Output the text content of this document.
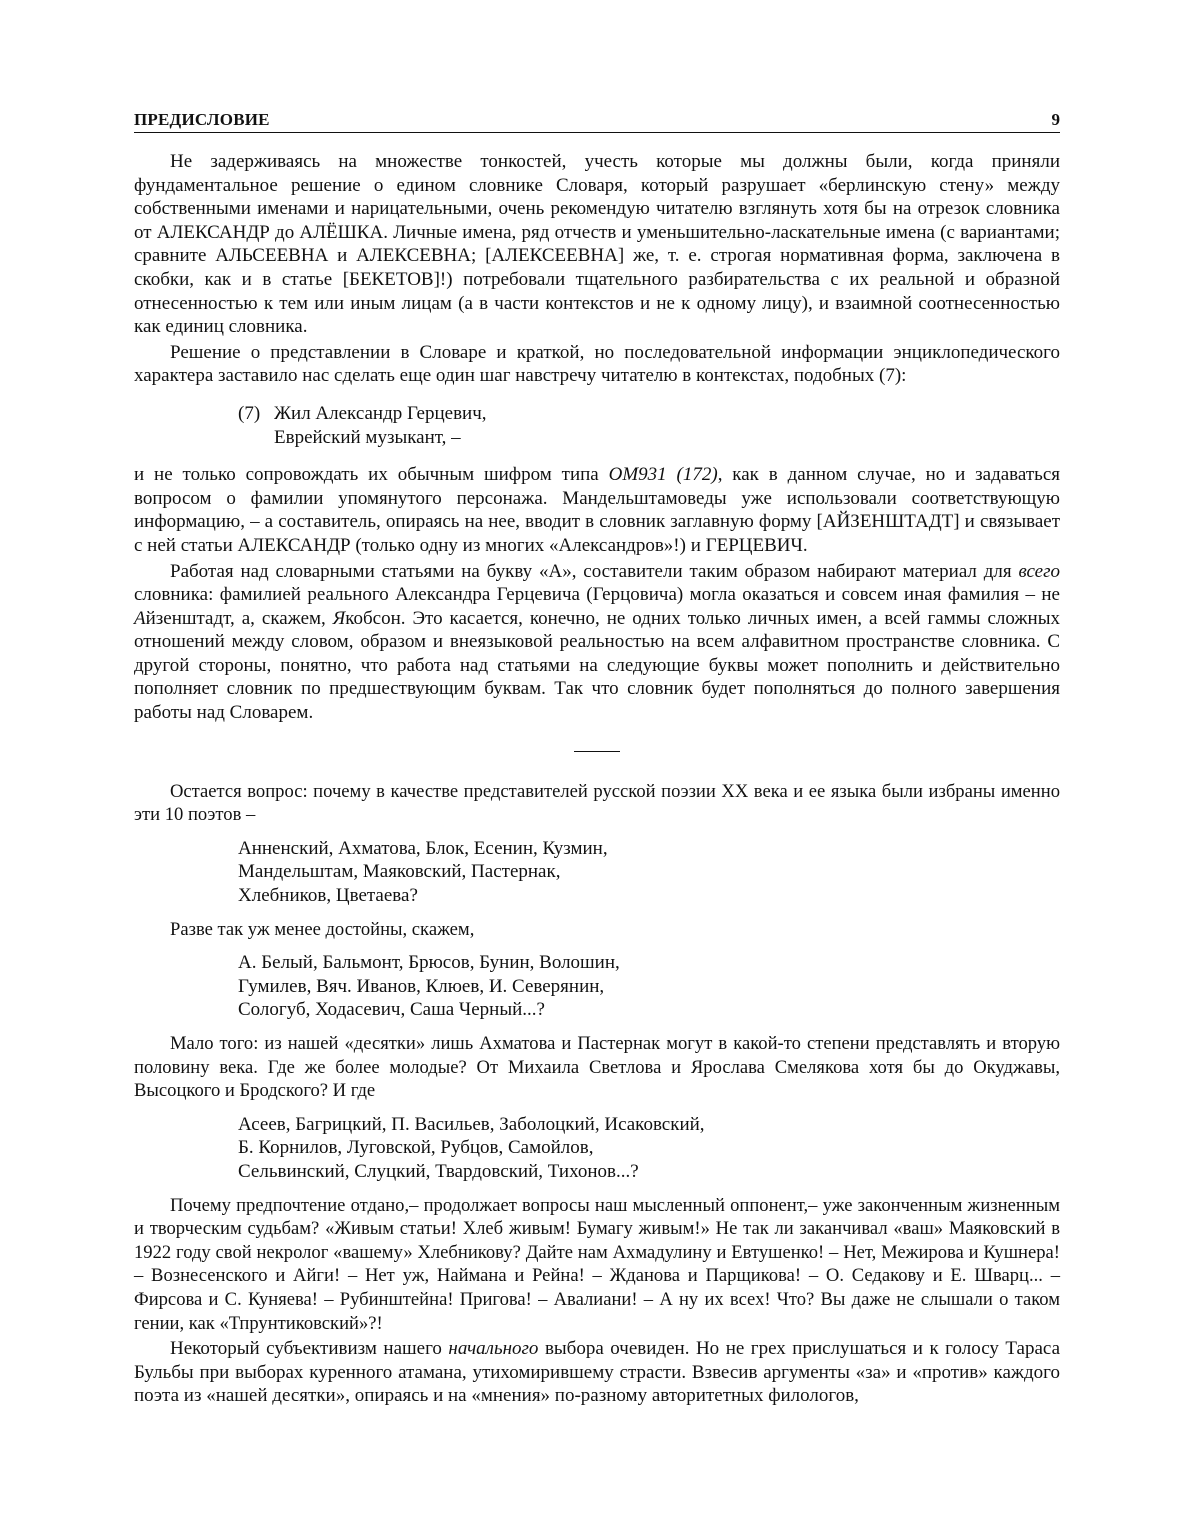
ПРЕДИСЛОВИЕ	9

Не задерживаясь на множестве тонкостей, учесть которые мы должны были, когда приняли фундаментальное решение о едином словнике Словаря, который разрушает «берлинскую стену» между собственными именами и нарицательными, очень рекомендую читателю взглянуть хотя бы на отрезок словника от АЛЕКСАНДР до АЛЁШКА. Личные имена, ряд отчеств и уменьшительно-ласкательные имена (с вариантами; сравните АЛЬСЕЕВНА и АЛЕКСЕВНА; [АЛЕКСЕЕВНА] же, т. е. строгая нормативная форма, заключена в скобки, как и в статье [БЕКЕТОВ]!) потребовали тщательного разбирательства с их реальной и образной отнесенностью к тем или иным лицам (а в части контекстов и не к одному лицу), и взаимной соотнесенностью как единиц словника.

Решение о представлении в Словаре и краткой, но последовательной информации энциклопедического характера заставило нас сделать еще один шаг навстречу читателю в контекстах, подобных (7):

(7) Жил Александр Герцевич,
Еврейский музыкант, –

и не только сопровождать их обычным шифром типа ОМ931 (172), как в данном случае, но и задаваться вопросом о фамилии упомянутого персонажа. Мандельштамоведы уже использовали соответствующую информацию, – а составитель, опираясь на нее, вводит в словник заглавную форму [АЙЗЕНШТАДТ] и связывает с ней статьи АЛЕКСАНДР (только одну из многих «Александров»!) и ГЕРЦЕВИЧ.

Работая над словарными статьями на букву «А», составители таким образом набирают материал для всего словника: фамилией реального Александра Герцевича (Герцовича) могла оказаться и совсем иная фамилия – не Айзенштадт, а, скажем, Якобсон. Это касается, конечно, не одних только личных имен, а всей гаммы сложных отношений между словом, образом и внеязыковой реальностью на всем алфавитном пространстве словника. С другой стороны, понятно, что работа над статьями на следующие буквы может пополнить и действительно пополняет словник по предшествующим буквам. Так что словник будет пополняться до полного завершения работы над Словарем.

Остается вопрос: почему в качестве представителей русской поэзии XX века и ее языка были избраны именно эти 10 поэтов –

Анненский, Ахматова, Блок, Есенин, Кузмин,
Мандельштам, Маяковский, Пастернак,
Хлебников, Цветаева?

Разве так уж менее достойны, скажем,

А. Белый, Бальмонт, Брюсов, Бунин, Волошин,
Гумилев, Вяч. Иванов, Клюев, И. Северянин,
Сологуб, Ходасевич, Саша Черный...?

Мало того: из нашей «десятки» лишь Ахматова и Пастернак могут в какой-то степени представлять и вторую половину века. Где же более молодые? От Михаила Светлова и Ярослава Смелякова хотя бы до Окуджавы, Высоцкого и Бродского? И где

Асеев, Багрицкий, П. Васильев, Заболоцкий, Исаковский,
Б. Корнилов, Луговской, Рубцов, Самойлов,
Сельвинский, Слуцкий, Твардовский, Тихонов...?

Почему предпочтение отдано,– продолжает вопросы наш мысленный оппонент,– уже законченным жизненным и творческим судьбам? «Живым статьи! Хлеб живым! Бумагу живым!» Не так ли заканчивал «ваш» Маяковский в 1922 году свой некролог «вашему» Хлебникову? Дайте нам Ахмадулину и Евтушенко! – Нет, Межирова и Кушнера! – Вознесенского и Айги! – Нет уж, Наймана и Рейна! – Жданова и Парщикова! – О. Седакову и Е. Шварц... – Фирсова и С. Куняева! – Рубинштейна! Пригова! – Авалиани! – А ну их всех! Что? Вы даже не слышали о таком гении, как «Тпрунтиковский»?!

Некоторый субъективизм нашего начального выбора очевиден. Но не грех прислушаться и к голосу Тараса Бульбы при выборах куренного атамана, утихомирившему страсти. Взвесив аргументы «за» и «против» каждого поэта из «нашей десятки», опираясь и на «мнения» по-разному авторитетных филологов,
